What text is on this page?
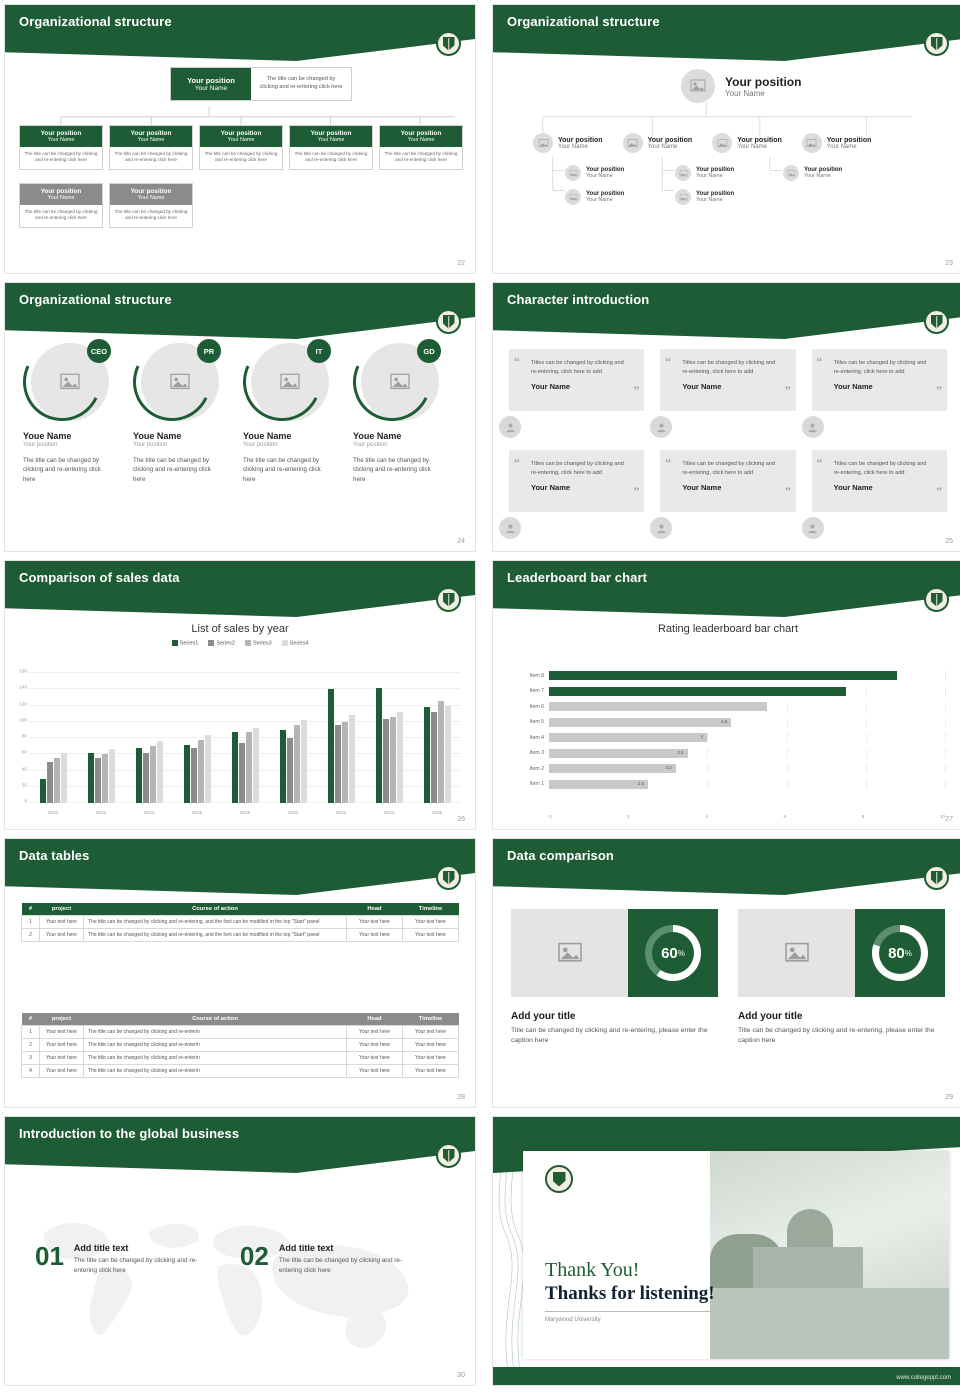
Organizational structure
Your position
Your Name
The title can be changed by clicking and re-entering click here
Your position
Your Name
The title can be changed by clicking and re-entering click here
Your position
Your Name
The title can be changed by clicking and re-entering click here
Your position
Your Name
The title can be changed by clicking and re-entering click here
Your position
Your Name
The title can be changed by clicking and re-entering click here
Your position
Your Name
The title can be changed by clicking and re-entering click here
Your position
Your Name
The title can be changed by clicking and re-entering click here
Your position
Your Name
The title can be changed by clicking and re-entering click here
22
Organizational structure
Your position
Your Name
Your position
Your Name
Your position
Your Name
Your position
Your Name
Your position
Your Name
Your position
Your Name
Your position
Your Name
Your position
Your Name
Your position
Your Name
Your position
Your Name
23
Organizational structure
CEO
Youe Name
Your position
The title can be changed by clicking and re-entering click here
PR
Youe Name
Your position
The title can be changed by clicking and re-entering click here
IT
Youe Name
Your position
The title can be changed by clicking and re-entering click here
GD
Youe Name
Your position
The title can be changed by clicking and re-entering click here
24
Character introduction
“
”
Titles can be changed by clicking and re-entering, click here to add
Your Name
“
”
Titles can be changed by clicking and re-entering, click here to add
Your Name
“
”
Titles can be changed by clicking and re-entering, click here to add
Your Name
“
”
Titles can be changed by clicking and re-entering, click here to add
Your Name
“
”
Titles can be changed by clicking and re-entering, click here to add
Your Name
“
”
Titles can be changed by clicking and re-entering, click here to add
Your Name
25
Comparison of sales data
List of sales by year
Series1	Series2	Series3	Series4
160
140
120
100
80
60
40
20
0
2010	2012	2014	2016	2018	2020	2022	2024	2026
26
Leaderboard bar chart
Rating leaderboard bar chart
Item 8
Item 7
Item 6
Item 5	4.6
Item 4	4
Item 3	3.5
Item 2	3.2
Item 1	2.5
0	2	4	6	8	10 27
Data tables
#	project	Course of action	Head	Timeline
1	Your text here	The title can be changed by clicking and re-entering, and the font can be modified in the top "Start" panel	Your text here	Your text here
2	Your text here	The title can be changed by clicking and re-entering, and the font can be modified in the top "Start" panel	Your text here	Your text here
#	project	Course of action	Head	Timeline
1	Your text here	The title can be changed by clicking and re-enterin	Your text here	Your text here
2	Your text here	The title can be changed by clicking and re-enterin	Your text here	Your text here
3	Your text here	The title can be changed by clicking and re-enterin	Your text here	Your text here
4	Your text here	The title can be changed by clicking and re-enterin	Your text here	Your text here
28
Data comparison
60 %
Add your title
Title can be changed by clicking and re-entering, please enter the caption here
80 %
Add your title
Title can be changed by clicking and re-entering, please enter the caption here
29
Introduction to the global business
01 Add title text
The title can be changed by clicking and re-entering click here	02 Add title text
The title can be changed by clicking and re-entering click here
30
Thank You!
Thanks for listening!
Marywood University
www.collegeppt.com
